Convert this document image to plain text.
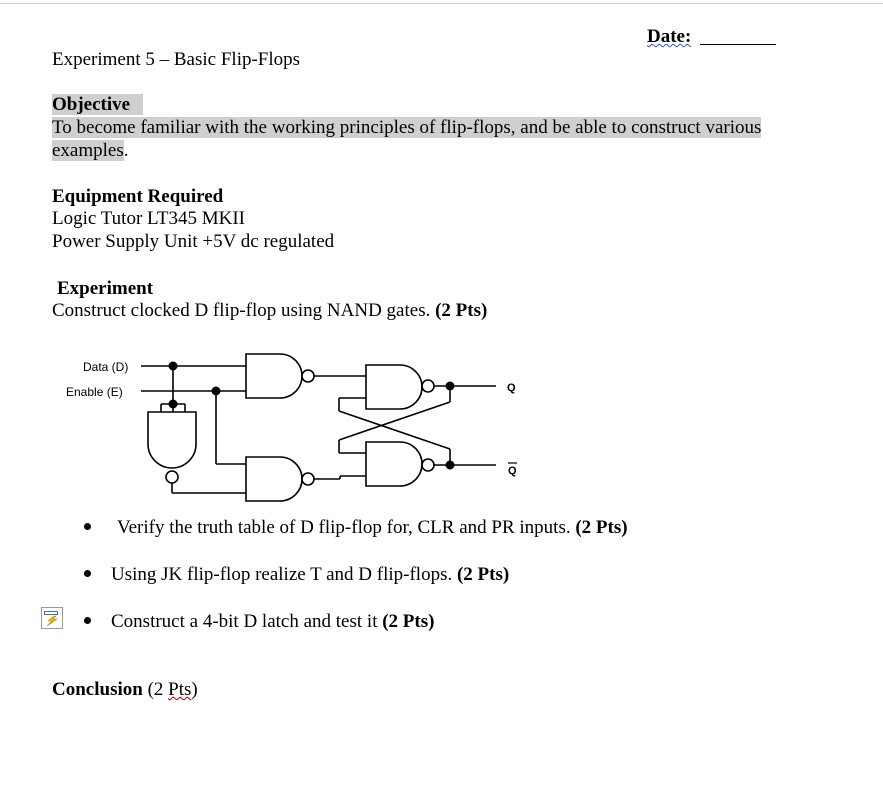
Date:
Experiment 5 – Basic Flip-Flops
Objective
To become familiar with the working principles of flip-flops, and be able to construct various
examples.
Equipment Required
Logic Tutor LT345 MKII
Power Supply Unit +5V dc regulated
Experiment
Construct clocked D flip-flop using NAND gates. (2 Pts)
Data (D)
Enable (E)	Q
Q
Verify the truth table of D flip-flop for, CLR and PR inputs. (2 Pts)
Using JK flip-flop realize T and D flip-flops. (2 Pts)
Construct a 4-bit D latch and test it (2 Pts)
Conclusion (2 Pts)
